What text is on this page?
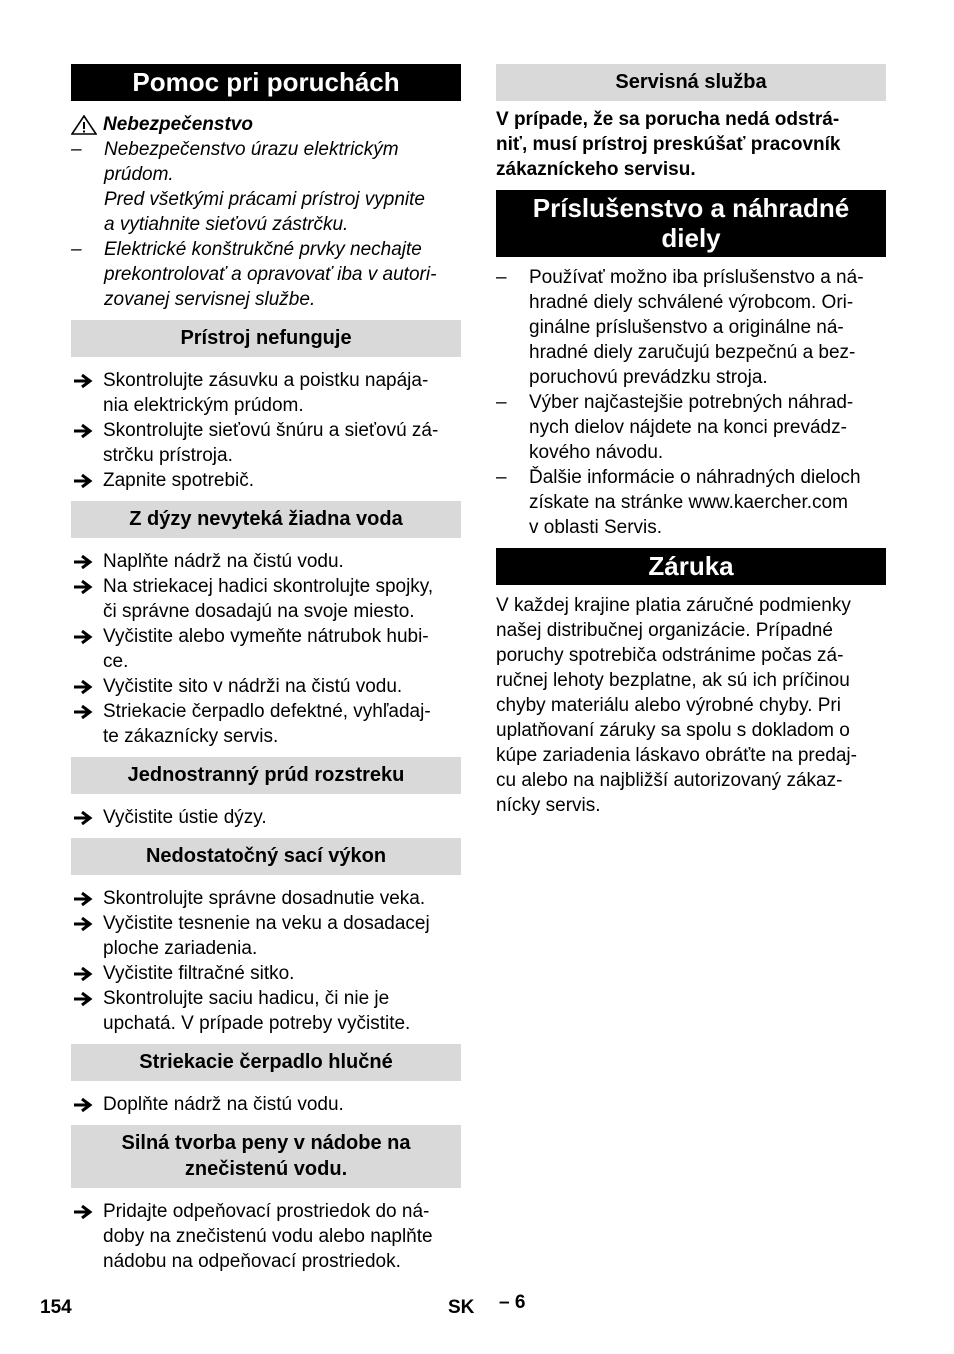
Pomoc pri poruchách
Nebezpečenstvo
– Nebezpečenstvo úrazu elektrickým
prúdom.
Pred všetkými prácami prístroj vypnite
a vytiahnite sieťovú zástrčku.
– Elektrické konštrukčné prvky nechajte
prekontrolovať a opravovať iba v autori-
zovanej servisnej službe.
Prístroj nefunguje
Skontrolujte zásuvku a poistku napája-
nia elektrickým prúdom.
Skontrolujte sieťovú šnúru a sieťovú zá-
strčku prístroja.
Zapnite spotrebič.
Z dýzy nevyteká žiadna voda
Naplňte nádrž na čistú vodu.
Na striekacej hadici skontrolujte spojky,
či správne dosadajú na svoje miesto.
Vyčistite alebo vymeňte nátrubok hubi-
ce.
Vyčistite sito v nádrži na čistú vodu.
Striekacie čerpadlo defektné, vyhľadaj-
te zákaznícky servis.
Jednostranný prúd rozstreku
Vyčistite ústie dýzy.
Nedostatočný sací výkon
Skontrolujte správne dosadnutie veka.
Vyčistite tesnenie na veku a dosadacej
ploche zariadenia.
Vyčistite filtračné sitko.
Skontrolujte saciu hadicu, či nie je
upchatá. V prípade potreby vyčistite.
Striekacie čerpadlo hlučné
Doplňte nádrž na čistú vodu.
Silná tvorba peny v nádobe na
znečistenú vodu.
Pridajte odpeňovací prostriedok do ná-
doby na znečistenú vodu alebo naplňte
nádobu na odpeňovací prostriedok.
Servisná služba
V prípade, že sa porucha nedá odstrá-
niť, musí prístroj preskúšať pracovník
zákazníckeho servisu.
Príslušenstvo a náhradné
diely
– Používať možno iba príslušenstvo a ná-
hradné diely schválené výrobcom. Ori-
ginálne príslušenstvo a originálne ná-
hradné diely zaručujú bezpečnú a bez-
poruchovú prevádzku stroja.
– Výber najčastejšie potrebných náhrad-
nych dielov nájdete na konci prevádz-
kového návodu.
– Ďalšie informácie o náhradných dieloch
získate na stránke www.kaercher.com
v oblasti Servis.
Záruka
V každej krajine platia záručné podmienky
našej distribučnej organizácie. Prípadné
poruchy spotrebiča odstránime počas zá-
ručnej lehoty bezplatne, ak sú ich príčinou
chyby materiálu alebo výrobné chyby. Pri
uplatňovaní záruky sa spolu s dokladom o
kúpe zariadenia láskavo obráťte na predaj-
cu alebo na najbližší autorizovaný zákaz-
nícky servis.
154	SK – 6
